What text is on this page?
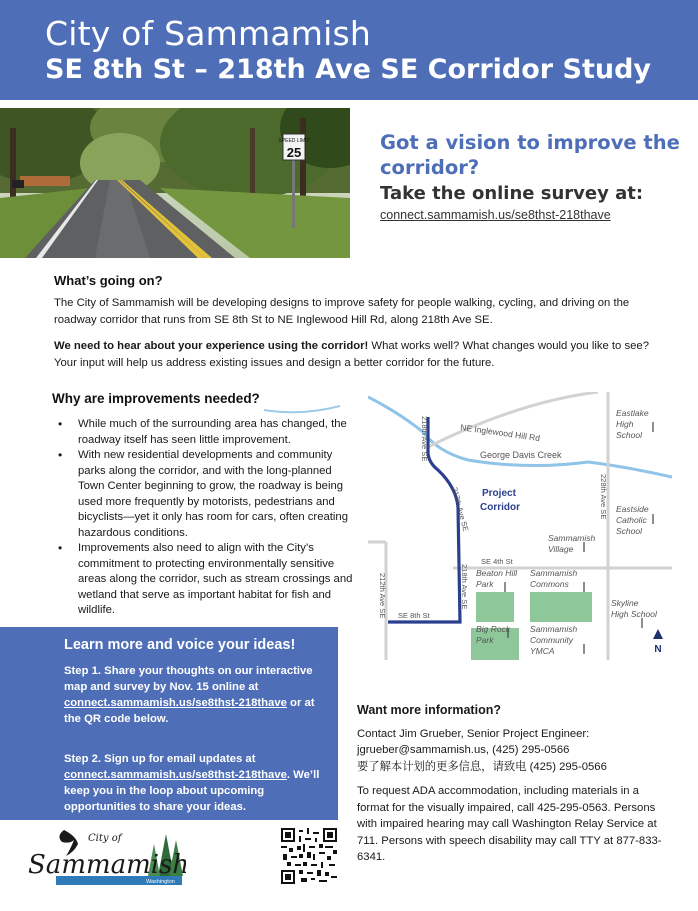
City of Sammamish
SE 8th St – 218th Ave SE Corridor Study
SPEED LIMIT
25	Got a vision to improve the corridor?
Take the online survey at:
connect.sammamish.us/se8thst-218thave
What’s going on?
The City of Sammamish will be developing designs to improve safety for people walking, cycling, and driving on the roadway corridor that runs from SE 8th St to NE Inglewood Hill Rd, along 218th Ave SE.
We need to hear about your experience using the corridor! What works well? What changes would you like to see? Your input will help us address existing issues and design a better corridor for the future.
Why are improvements needed?
• While much of the surrounding area has changed, the roadway itself has seen little improvement.
• With new residential developments and community parks along the corridor, and with the long-planned Town Center beginning to grow, the roadway is being used more frequently by motorists, pedestrians and bicyclists—yet it only has room for cars, often creating hazardous conditions.
• Improvements also need to align with the City’s commitment to protecting environmentally sensitive areas along the corridor, such as stream crossings and wetland that serve as important habitat for fish and wildlife.
NE Inglewood Hill Rd
George Davis Creek
218th Ave SE
217th Ave SE
218th Ave SE
228th Ave SE
212th Ave SE
SE 4th St
SE 8th St
Project
Corridor
Eastlake
High
School
Eastside
Catholic
School
Sammamish
Village
Beaton Hill
Park
Sammamish
Commons
Big Rock
Park
Sammamish
Community
YMCA
Skyline
High School
N
Learn more and voice your ideas!

Step 1. Share your thoughts on our interactive map and survey by Nov. 15 online at connect.sammamish.us/se8thst-218thave or at the QR code below.

Step 2. Sign up for email updates at connect.sammamish.us/se8thst-218thave. We’ll keep you in the loop about upcoming opportunities to share your ideas.

City of
Sammamish
Washington
Want more information?
Contact Jim Grueber, Senior Project Engineer:
jgrueber@sammamish.us, (425) 295-0566
要了解本计划的更多信息，请致电 (425) 295-0566
To request ADA accommodation, including materials in a format for the visually impaired, call 425-295-0563. Persons with impaired hearing may call Washington Relay Service at 711. Persons with speech disability may call TTY at 877-833-6341.
